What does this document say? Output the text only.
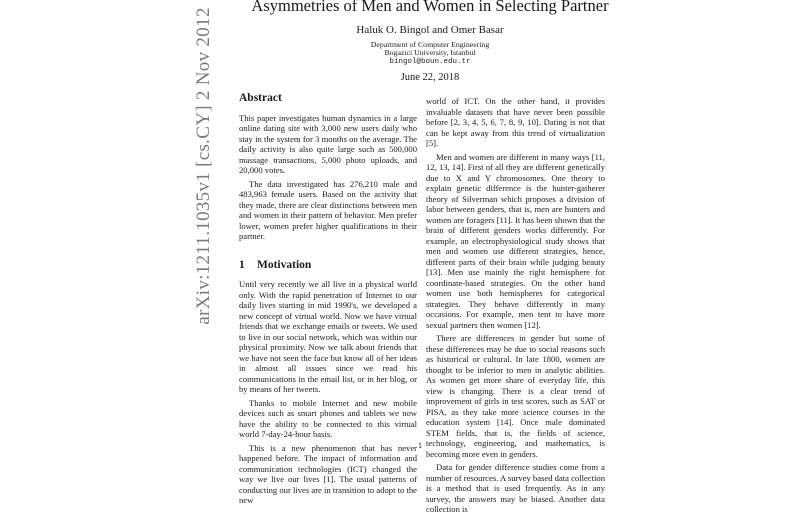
arXiv:1211.1035v1 [cs.CY] 2 Nov 2012
Asymmetries of Men and Women in Selecting Partner
Haluk O. Bingol and Omer Basar
Department of Computer Engineering
Bogazici University, Istanbul
bingol@boun.edu.tr
June 22, 2018
Abstract

This paper investigates human dynamics in a large online dating site with 3,000 new users daily who stay in the system for 3 months on the average. The daily activity is also quite large such as 500,000 massage transactions, 5,000 photo uploads, and 20,000 votes.

The data investigated has 276,210 male and 483,963 female users. Based on the activity that they made, there are clear distinctions between men and women in their pattern of behavior. Men prefer lower, women prefer higher qualifications in their partner.

1 Motivation

Until very recently we all live in a physical world only. With the rapid penetration of Internet to our daily lives starting in mid 1990's, we developed a new concept of virtual world. Now we have virtual friends that we exchange emails or tweets. We used to live in our social network, which was within our physical proximity. Now we talk about friends that we have not seen the face but know all of her ideas in almost all issues since we read his communications in the email list, or in her blog, or by means of her tweets.

Thanks to mobile Internet and new mobile devices such as smart phones and tablets we now have the ability to be connected to this virtual world 7-day-24-hour basis.

This is a new phenomenon that has never happened before. The impact of information and communication technologies (ICT) changed the way we live our lives [1]. The usual patterns of conducting our lives are in transition to adopt to the new

world of ICT. On the other hand, it provides invaluable datasets that have never been possible before [2, 3, 4, 5, 6, 7, 8, 9, 10]. Dating is not that can be kept away from this trend of virtualization [5].

Men and women are different in many ways [11, 12, 13, 14]. First of all they are different genetically due to X and Y chromosomes. One theory to explain genetic difference is the hunter-gatherer theory of Silverman which proposes a division of labor between genders, that is, men are hunters and women are foragers [11]. It has been shown that the brain of different genders works differently. For example, an electrophysiological study shows that men and women use different strategies, hence, different parts of their brain while judging beauty [13]. Men use mainly the right hemisphere for coordinate-based strategies. On the other hand women use both hemispheres for categorical strategies. They behave differently in many occasions. For example, men tent to have more sexual partners then women [12].

There are differences in gender but some of these differences may be due to social reasons such as historical or cultural. In late 1800, women are thought to be inferior to men in analytic abilities. As women get more share of everyday life, this view is changing. There is a clear trend of improvement of girls in test scores, such as SAT or PISA, as they take more science courses in the education system [14]. Once male dominated STEM fields, that is, the fields of science, technology, engineering, and mathematics, is becoming more even in genders.

Data for gender difference studies come from a number of resources. A survey based data collection is a method that is used frequently. As in any survey, the answers may be biased. Another data collection is

1
